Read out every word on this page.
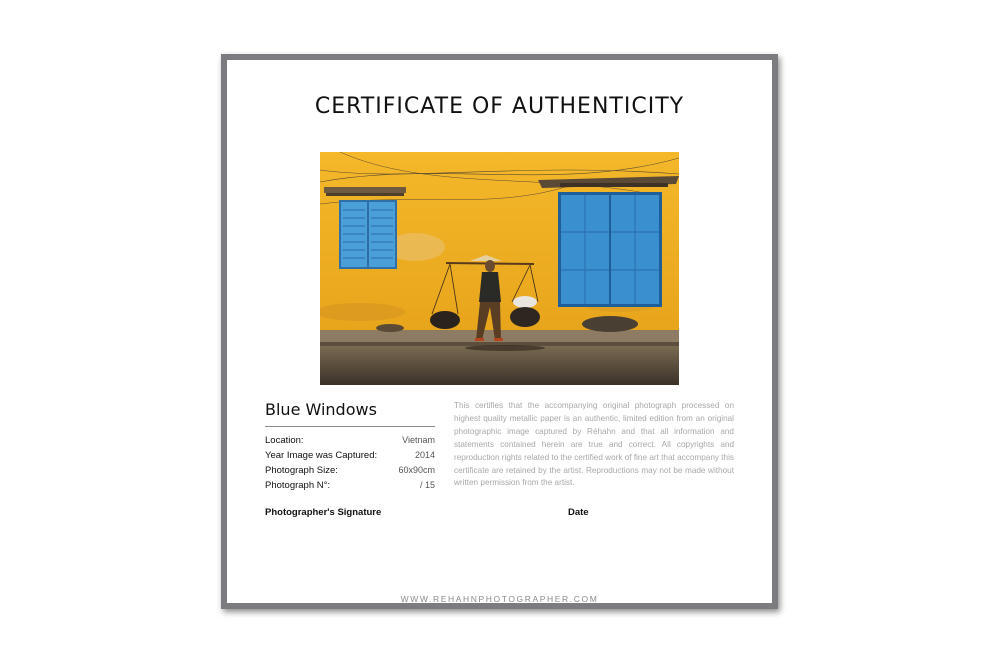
CERTIFICATE OF AUTHENTICITY
Blue Windows
Location:	Vietnam
Year Image was Captured:	2014
Photograph Size:	60x90cm
Photograph N°:	/ 15

This certifies that the accompanying original photograph processed on highest quality metallic paper is an authentic, limited edition from an original photographic image captured by Réhahn and that all information and statements contained herein are true and correct. All copyrights and reproduction rights related to the certified work of fine art that accompany this certificate are retained by the artist. Reproductions may not be made without written permission from the artist.

Photographer's Signature	Date
WWW.REHAHNPHOTOGRAPHER.COM
